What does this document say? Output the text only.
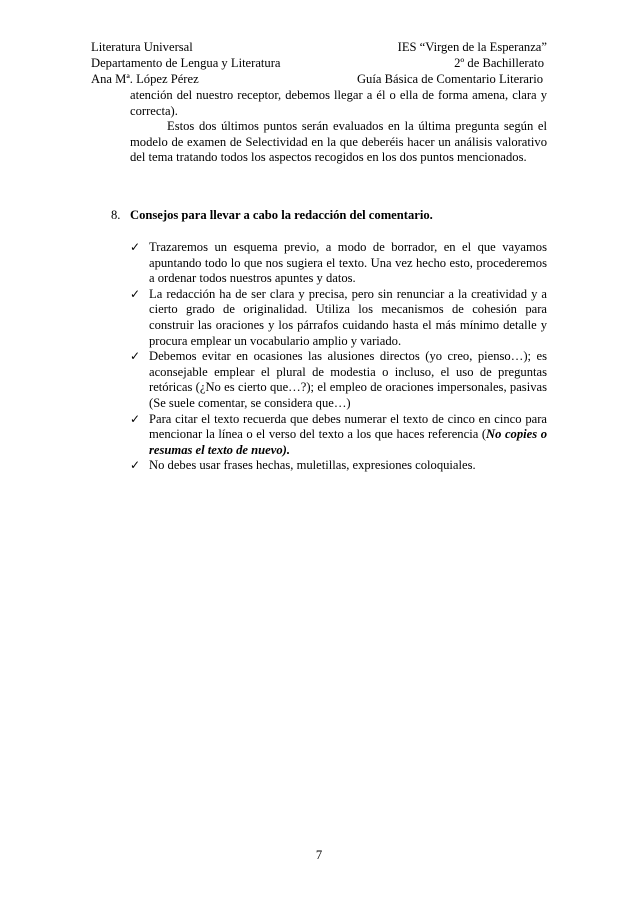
Literatura Universal	IES “Virgen de la Esperanza”
Departamento de Lengua y Literatura	2º de Bachillerato
Ana Mª. López Pérez	Guía Básica de Comentario Literario

atención del nuestro receptor, debemos llegar a él o ella de forma amena, clara y correcta).

Estos dos últimos puntos serán evaluados en la última pregunta según el modelo de examen de Selectividad en la que deberéis hacer un análisis valorativo del tema tratando todos los aspectos recogidos en los dos puntos mencionados.

8. Consejos para llevar a cabo la redacción del comentario.
✓ Trazaremos un esquema previo, a modo de borrador, en el que vayamos apuntando todo lo que nos sugiera el texto. Una vez hecho esto, procederemos a ordenar todos nuestros apuntes y datos.
✓ La redacción ha de ser clara y precisa, pero sin renunciar a la creatividad y a cierto grado de originalidad. Utiliza los mecanismos de cohesión para construir las oraciones y los párrafos cuidando hasta el más mínimo detalle y procura emplear un vocabulario amplio y variado.
✓ Debemos evitar en ocasiones las alusiones directos (yo creo, pienso…); es aconsejable emplear el plural de modestia o incluso, el uso de preguntas retóricas (¿No es cierto que…?); el empleo de oraciones impersonales, pasivas (Se suele comentar, se considera que…)
✓ Para citar el texto recuerda que debes numerar el texto de cinco en cinco para mencionar la línea o el verso del texto a los que haces referencia (No copies o resumas el texto de nuevo).
✓ No debes usar frases hechas, muletillas, expresiones coloquiales.
7
